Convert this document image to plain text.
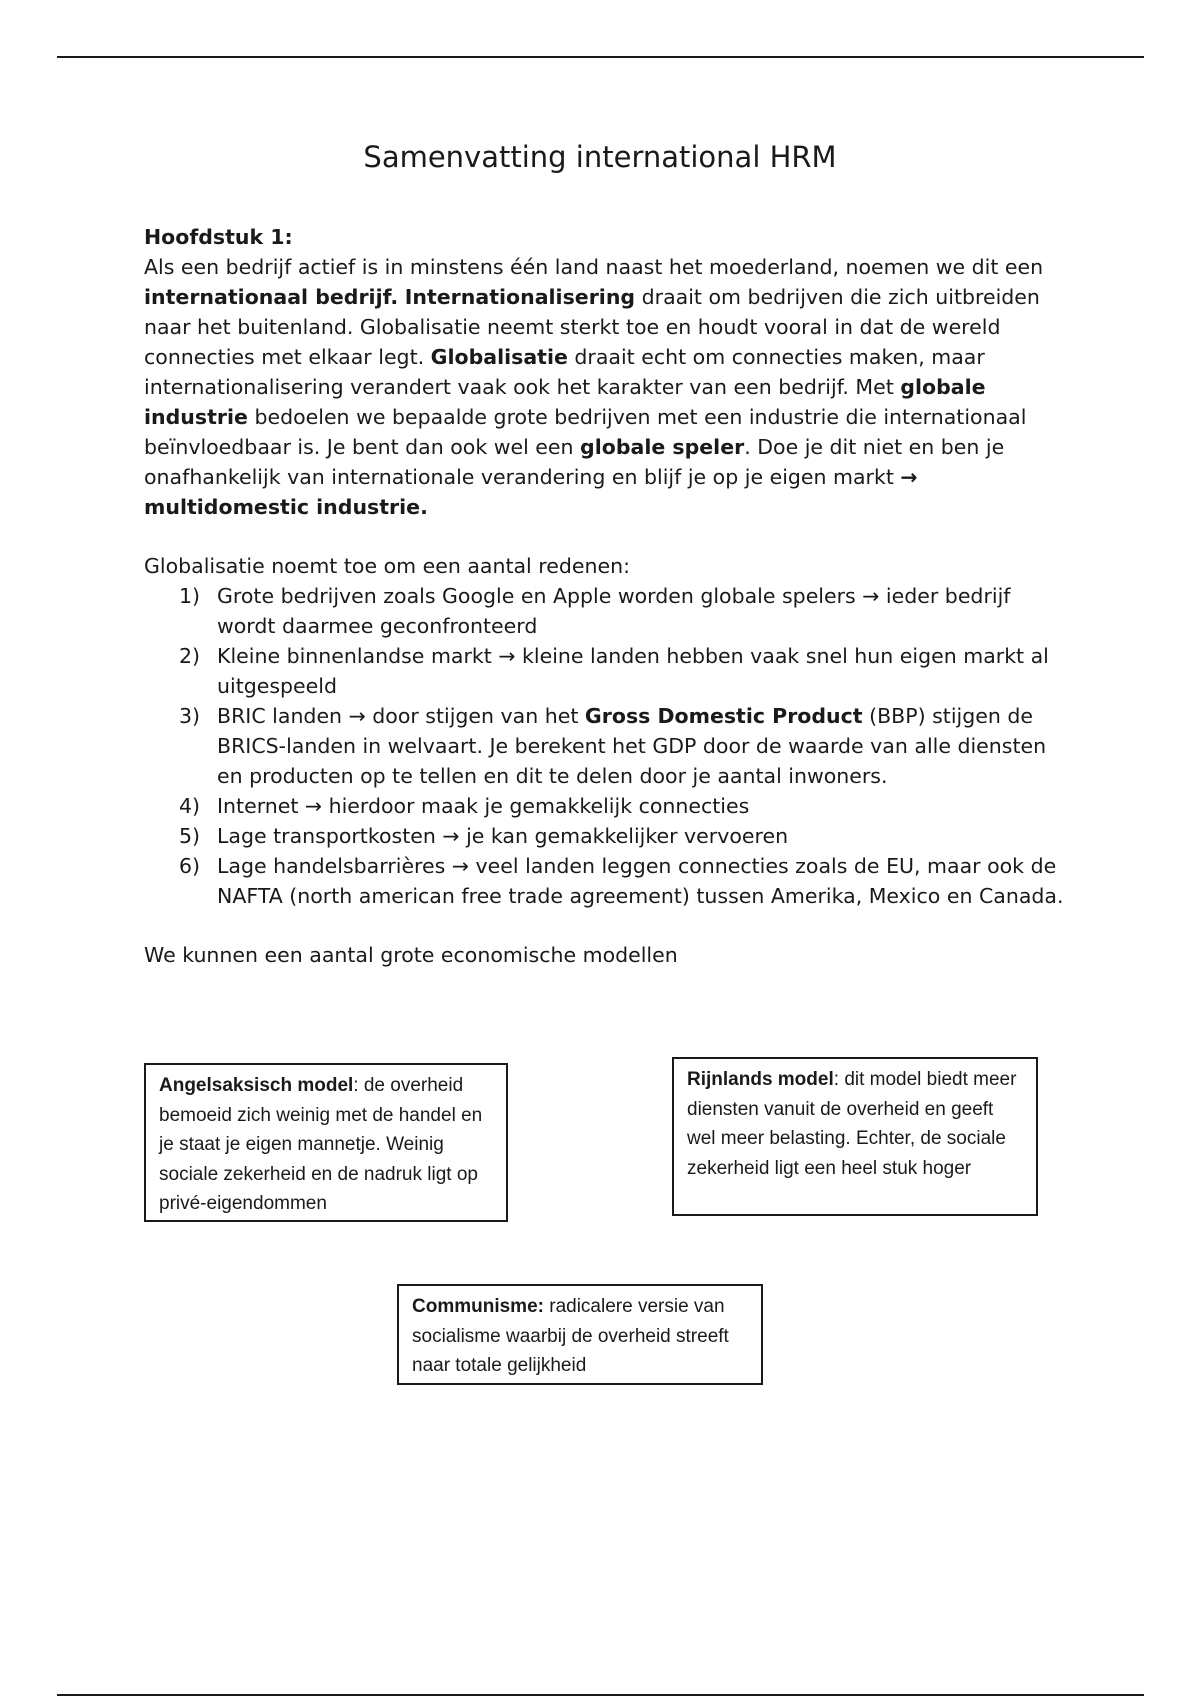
Samenvatting international HRM

Hoofdstuk 1:

Als een bedrijf actief is in minstens één land naast het moederland, noemen we dit een internationaal bedrijf. Internationalisering draait om bedrijven die zich uitbreiden naar het buitenland. Globalisatie neemt sterkt toe en houdt vooral in dat de wereld connecties met elkaar legt. Globalisatie draait echt om connecties maken, maar internationalisering verandert vaak ook het karakter van een bedrijf. Met globale industrie bedoelen we bepaalde grote bedrijven met een industrie die internationaal beïnvloedbaar is. Je bent dan ook wel een globale speler. Doe je dit niet en ben je onafhankelijk van internationale verandering en blijf je op je eigen markt → multidomestic industrie.

Globalisatie noemt toe om een aantal redenen:

1) Grote bedrijven zoals Google en Apple worden globale spelers → ieder bedrijf wordt daarmee geconfronteerd
2) Kleine binnenlandse markt → kleine landen hebben vaak snel hun eigen markt al uitgespeeld
3) BRIC landen → door stijgen van het Gross Domestic Product (BBP) stijgen de BRICS-landen in welvaart. Je berekent het GDP door de waarde van alle diensten en producten op te tellen en dit te delen door je aantal inwoners.
4) Internet → hierdoor maak je gemakkelijk connecties
5) Lage transportkosten → je kan gemakkelijker vervoeren
6) Lage handelsbarrières → veel landen leggen connecties zoals de EU, maar ook de NAFTA (north american free trade agreement) tussen Amerika, Mexico en Canada.

We kunnen een aantal grote economische modellen

Angelsaksisch model: de overheid bemoeid zich weinig met de handel en je staat je eigen mannetje. Weinig sociale zekerheid en de nadruk ligt op privé-eigendommen
Rijnlands model: dit model biedt meer diensten vanuit de overheid en geeft wel meer belasting. Echter, de sociale zekerheid ligt een heel stuk hoger
Communisme: radicalere versie van socialisme waarbij de overheid streeft naar totale gelijkheid
